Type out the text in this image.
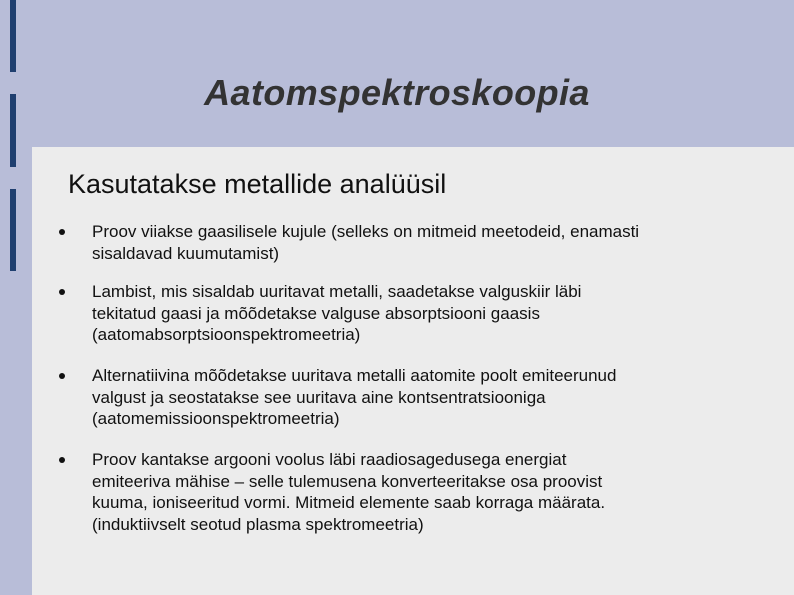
Aatomspektroskoopia
Kasutatakse metallide analüüsil
Proov viiakse gaasilisele kujule (selleks on mitmeid meetodeid, enamasti
sisaldavad kuumutamist)
Lambist, mis sisaldab uuritavat metalli, saadetakse valguskiir läbi
tekitatud gaasi ja mõõdetakse valguse absorptsiooni gaasis
(aatomabsorptsioonspektromeetria)
Alternatiivina mõõdetakse uuritava metalli aatomite poolt emiteerunud
valgust ja seostatakse see uuritava aine kontsentratsiooniga
(aatomemissioonspektromeetria)
Proov kantakse argooni voolus läbi raadiosagedusega energiat
emiteeriva mähise – selle tulemusena konverteeritakse osa proovist
kuuma, ioniseeritud vormi. Mitmeid elemente saab korraga määrata.
(induktiivselt seotud plasma spektromeetria)
